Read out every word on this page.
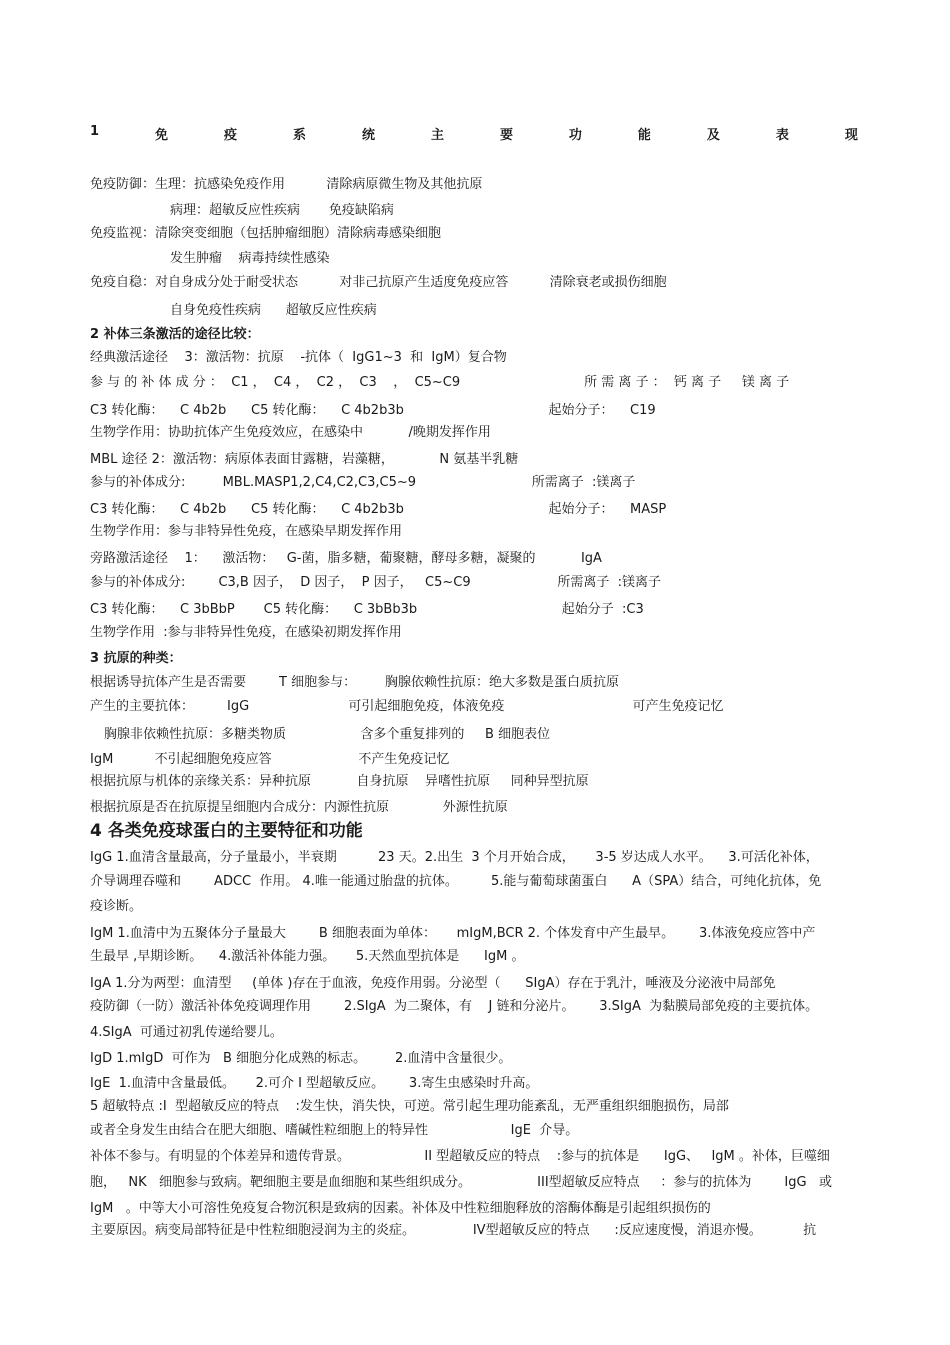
1	免	疫	系	统	主	要	功	能	及	表	现
免疫防御：生理：抗感染免疫作用          清除病原微生物及其他抗原
病理：超敏反应性疾病       免疫缺陷病
免疫监视：清除突变细胞（包括肿瘤细胞）清除病毒感染细胞
发生肿瘤    病毒持续性感染
免疫自稳：对自身成分处于耐受状态          对非己抗原产生适度免疫应答          清除衰老或损伤细胞
自身免疫性疾病      超敏反应性疾病
2 补体三条激活的途径比较：
经典激活途径    3：激活物：抗原    -抗体（  IgG1~3  和  IgM）复合物
参 与 的 补 体 成 分 ：  C1 ，  C4 ，  C2 ，  C3    ，  C5~C9                              所 需 离 子 ：  钙 离 子     镁 离 子
C3 转化酶：    C 4b2b      C5 转化酶：    C 4b2b3b                                   起始分子：    C19
生物学作用：协助抗体产生免疫效应，在感染中           /晚期发挥作用
MBL 途径 2：激活物：病原体表面甘露糖，岩藻糖，           N 氨基半乳糖
参与的补体成分:         MBL.MASP1,2,C4,C2,C3,C5~9                            所需离子  :镁离子
C3 转化酶：    C 4b2b      C5 转化酶：    C 4b2b3b                                   起始分子：    MASP
生物学作用：参与非特异性免疫，在感染早期发挥作用
旁路激活途径    1：    激活物：   G-菌，脂多糖，葡聚糖，酵母多糖，凝聚的           IgA
参与的补体成分:        C3,B 因子，  D 因子，  P 因子，   C5~C9                     所需离子  :镁离子
C3 转化酶：    C 3bBbP       C5 转化酶：    C 3bBb3b                                   起始分子  :C3
生物学作用  :参与非特异性免疫，在感染初期发挥作用
3 抗原的种类：
根据诱导抗体产生是否需要        T 细胞参与：       胸腺依赖性抗原：绝大多数是蛋白质抗原
产生的主要抗体：        IgG                        可引起细胞免疫，体液免疫                               可产生免疫记忆
胸腺非依赖性抗原：多糖类物质                  含多个重复排列的     B 细胞表位
IgM          不引起细胞免疫应答                     不产生免疫记忆
根据抗原与机体的亲缘关系：异种抗原           自身抗原    异嗜性抗原     同种异型抗原
根据抗原是否在抗原提呈细胞内合成分：内源性抗原             外源性抗原
4 各类免疫球蛋白的主要特征和功能
IgG 1.血清含量最高，分子量最小，半衰期          23 天。2.出生  3 个月开始合成，     3-5 岁达成人水平。    3.可活化补体，
介导调理吞噬和        ADCC  作用。 4.唯一能通过胎盘的抗体。        5.能与葡萄球菌蛋白      A（SPA）结合，可纯化抗体，免
疫诊断。
IgM 1.血清中为五聚体分子量最大        B 细胞表面为单体：     mIgM,BCR 2. 个体发育中产生最早。      3.体液免疫应答中产
生最早 ,早期诊断。    4.激活补体能力强。     5.天然血型抗体是      IgM 。
IgA 1.分为两型：血清型     (单体 )存在于血液，免疫作用弱。分泌型（      SIgA）存在于乳汁，唾液及分泌液中局部免
疫防御（一防）激活补体免疫调理作用        2.SIgA  为二聚体，有    J 链和分泌片。      3.SIgA  为黏膜局部免疫的主要抗体。
4.SIgA  可通过初乳传递给婴儿。
IgD 1.mIgD  可作为   B 细胞分化成熟的标志。       2.血清中含量很少。
IgE  1.血清中含量最低。     2.可介 I 型超敏反应。      3.寄生虫感染时升高。
5 超敏特点 :I  型超敏反应的特点    :发生快，消失快，可逆。常引起生理功能紊乱，无严重组织细胞损伤，局部
或者全身发生由结合在肥大细胞、嗜碱性粒细胞上的特异性                    IgE  介导。
补体不参与。有明显的个体差异和遗传背景。                  II 型超敏反应的特点    :参与的抗体是      IgG、   IgM 。补体，巨噬细
胞，   NK   细胞参与致病。靶细胞主要是血细胞和某些组织成分。                III型超敏反应特点     ：参与的抗体为        IgG   或
IgM   。中等大小可溶性免疫复合物沉积是致病的因素。补体及中性粒细胞释放的溶酶体酶是引起组织损伤的
主要原因。病变局部特征是中性粒细胞浸润为主的炎症。              IV型超敏反应的特点      :反应速度慢，消退亦慢。          抗
